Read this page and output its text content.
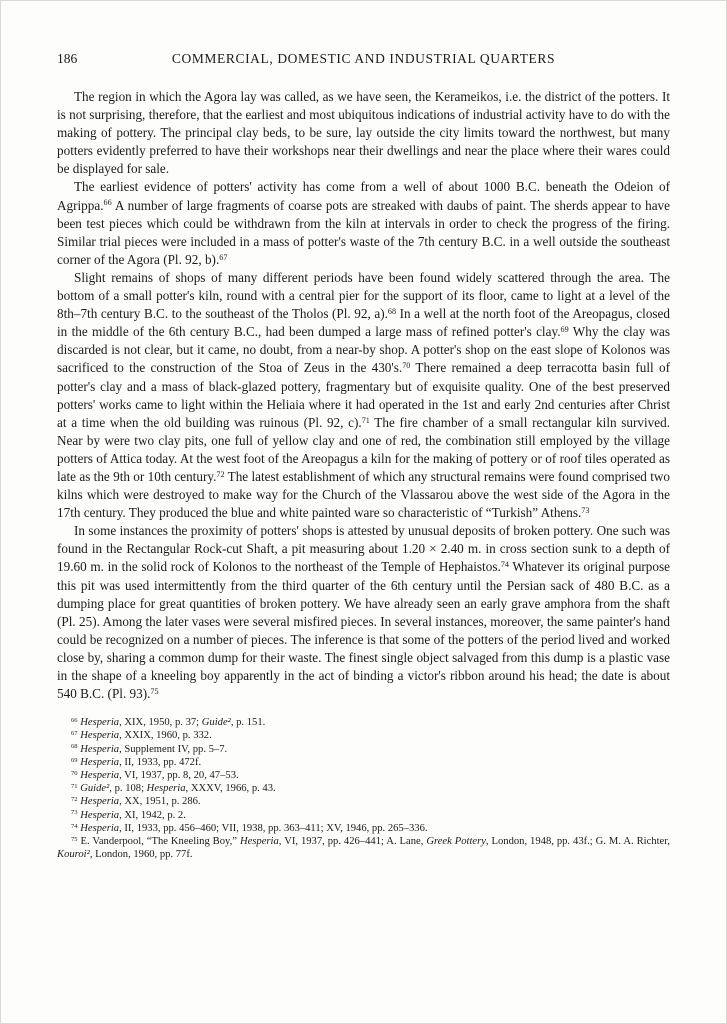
186	COMMERCIAL, DOMESTIC AND INDUSTRIAL QUARTERS

The region in which the Agora lay was called, as we have seen, the Kerameikos, i.e. the district of the potters. It is not surprising, therefore, that the earliest and most ubiquitous indications of industrial activity have to do with the making of pottery. The principal clay beds, to be sure, lay outside the city limits toward the northwest, but many potters evidently preferred to have their workshops near their dwellings and near the place where their wares could be displayed for sale.

The earliest evidence of potters' activity has come from a well of about 1000 B.C. beneath the Odeion of Agrippa.$^{66}$ A number of large fragments of coarse pots are streaked with daubs of paint. The sherds appear to have been test pieces which could be withdrawn from the kiln at intervals in order to check the progress of the firing. Similar trial pieces were included in a mass of potter's waste of the 7th century B.C. in a well outside the southeast corner of the Agora (Pl. 92, b).$^{67}$

Slight remains of shops of many different periods have been found widely scattered through the area. The bottom of a small potter's kiln, round with a central pier for the support of its floor, came to light at a level of the 8th–7th century B.C. to the southeast of the Tholos (Pl. 92, a).$^{68}$ In a well at the north foot of the Areopagus, closed in the middle of the 6th century B.C., had been dumped a large mass of refined potter's clay.$^{69}$ Why the clay was discarded is not clear, but it came, no doubt, from a near-by shop. A potter's shop on the east slope of Kolonos was sacrificed to the construction of the Stoa of Zeus in the 430's.$^{70}$ There remained a deep terracotta basin full of potter's clay and a mass of black-glazed pottery, fragmentary but of exquisite quality. One of the best preserved potters' works came to light within the Heliaia where it had operated in the 1st and early 2nd centuries after Christ at a time when the old building was ruinous (Pl. 92, c).$^{71}$ The fire chamber of a small rectangular kiln survived. Near by were two clay pits, one full of yellow clay and one of red, the combination still employed by the village potters of Attica today. At the west foot of the Areopagus a kiln for the making of pottery or of roof tiles operated as late as the 9th or 10th century.$^{72}$ The latest establishment of which any structural remains were found comprised two kilns which were destroyed to make way for the Church of the Vlassarou above the west side of the Agora in the 17th century. They produced the blue and white painted ware so characteristic of “Turkish” Athens.$^{73}$

In some instances the proximity of potters' shops is attested by unusual deposits of broken pottery. One such was found in the Rectangular Rock-cut Shaft, a pit measuring about 1.20 × 2.40 m. in cross section sunk to a depth of 19.60 m. in the solid rock of Kolonos to the northeast of the Temple of Hephaistos.$^{74}$ Whatever its original purpose this pit was used intermittently from the third quarter of the 6th century until the Persian sack of 480 B.C. as a dumping place for great quantities of broken pottery. We have already seen an early grave amphora from the shaft (Pl. 25). Among the later vases were several misfired pieces. In several instances, moreover, the same painter's hand could be recognized on a number of pieces. The inference is that some of the potters of the period lived and worked close by, sharing a common dump for their waste. The finest single object salvaged from this dump is a plastic vase in the shape of a kneeling boy apparently in the act of binding a victor's ribbon around his head; the date is about 540 B.C. (Pl. 93).$^{75}$

$^{66}$ Hesperia, XIX, 1950, p. 37; Guide², p. 151.

$^{67}$ Hesperia, XXIX, 1960, p. 332.

$^{68}$ Hesperia, Supplement IV, pp. 5–7.

$^{69}$ Hesperia, II, 1933, pp. 472f.

$^{70}$ Hesperia, VI, 1937, pp. 8, 20, 47–53.

$^{71}$ Guide², p. 108; Hesperia, XXXV, 1966, p. 43.

$^{72}$ Hesperia, XX, 1951, p. 286.

$^{73}$ Hesperia, XI, 1942, p. 2.

$^{74}$ Hesperia, II, 1933, pp. 456–460; VII, 1938, pp. 363–411; XV, 1946, pp. 265–336.

$^{75}$ E. Vanderpool, “The Kneeling Boy,” Hesperia, VI, 1937, pp. 426–441; A. Lane, Greek Pottery, London, 1948, pp. 43f.; G. M. A. Richter, Kouroi², London, 1960, pp. 77f.
